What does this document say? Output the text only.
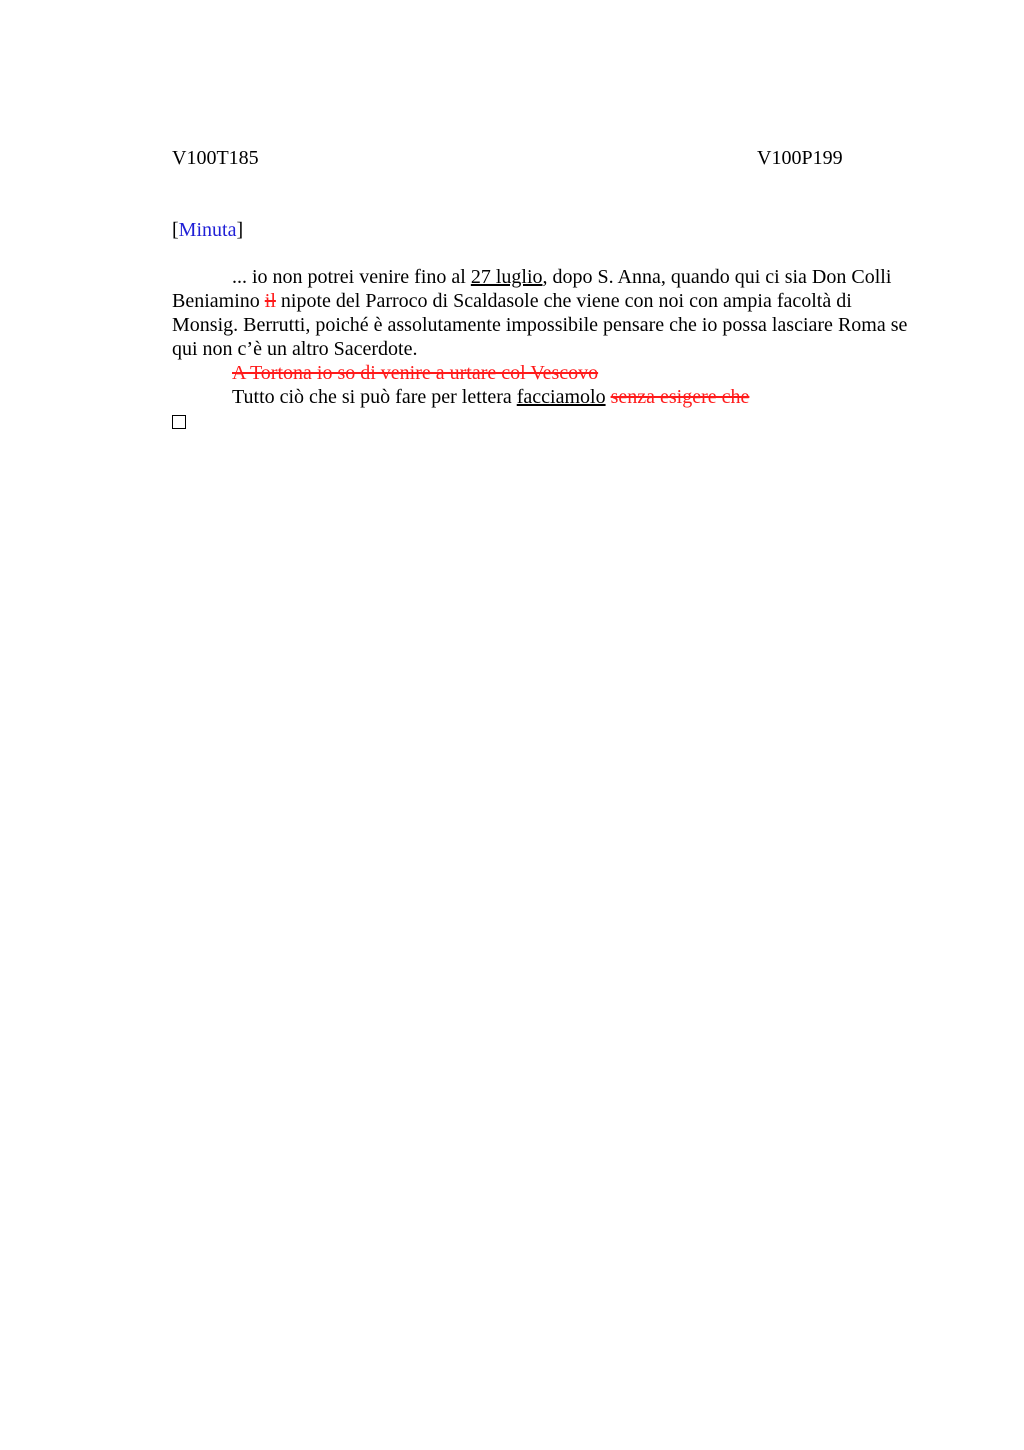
V100T185	V100P199
[Minuta]

... io non potrei venire fino al 27 luglio, dopo S. Anna, quando qui ci sia Don Colli Beniamino il nipote del Parroco di Scaldasole che viene con noi con ampia facoltà di Monsig. Berrutti, poiché è assolutamente impossibile pensare che io possa lasciare Roma se qui non c’è un altro Sacerdote.

A Tortona io so di venire a urtare col Vescovo

Tutto ciò che si può fare per lettera facciamolo senza esigere che
